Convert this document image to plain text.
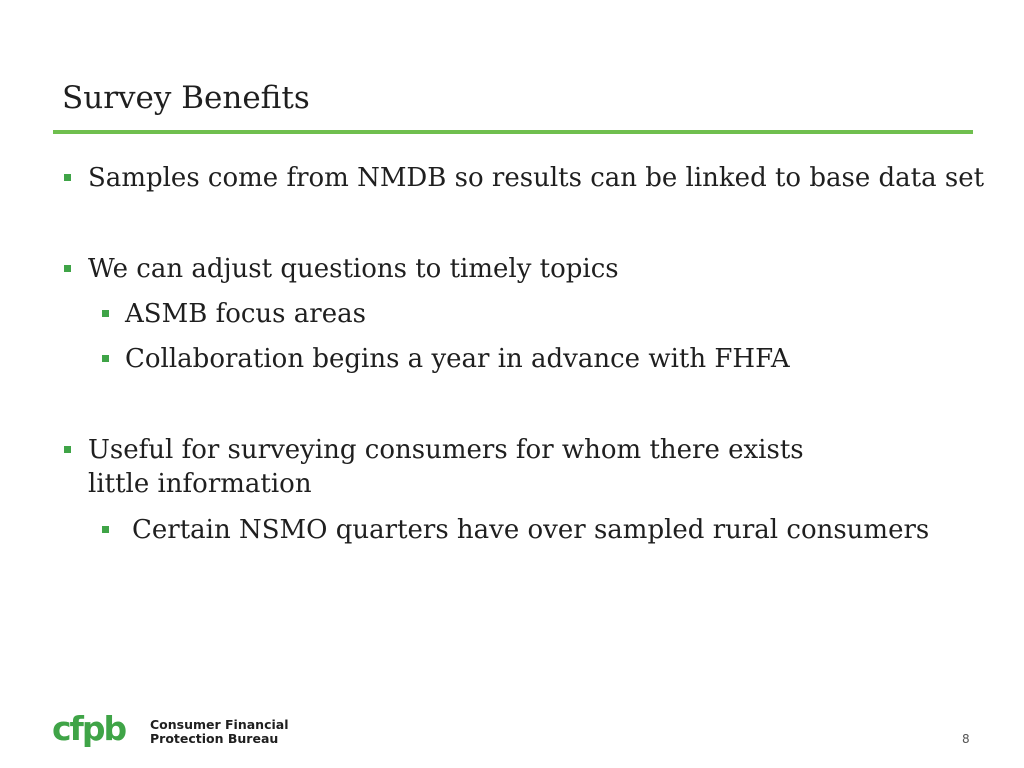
Survey Benefits
Samples come from NMDB so results can be linked to base data set
We can adjust questions to timely topics
ASMB focus areas
Collaboration begins a year in advance with FHFA
Useful for surveying consumers for whom there exists little information
Certain NSMO quarters have over sampled rural consumers
cfpb Consumer Financial
Protection Bureau	8
